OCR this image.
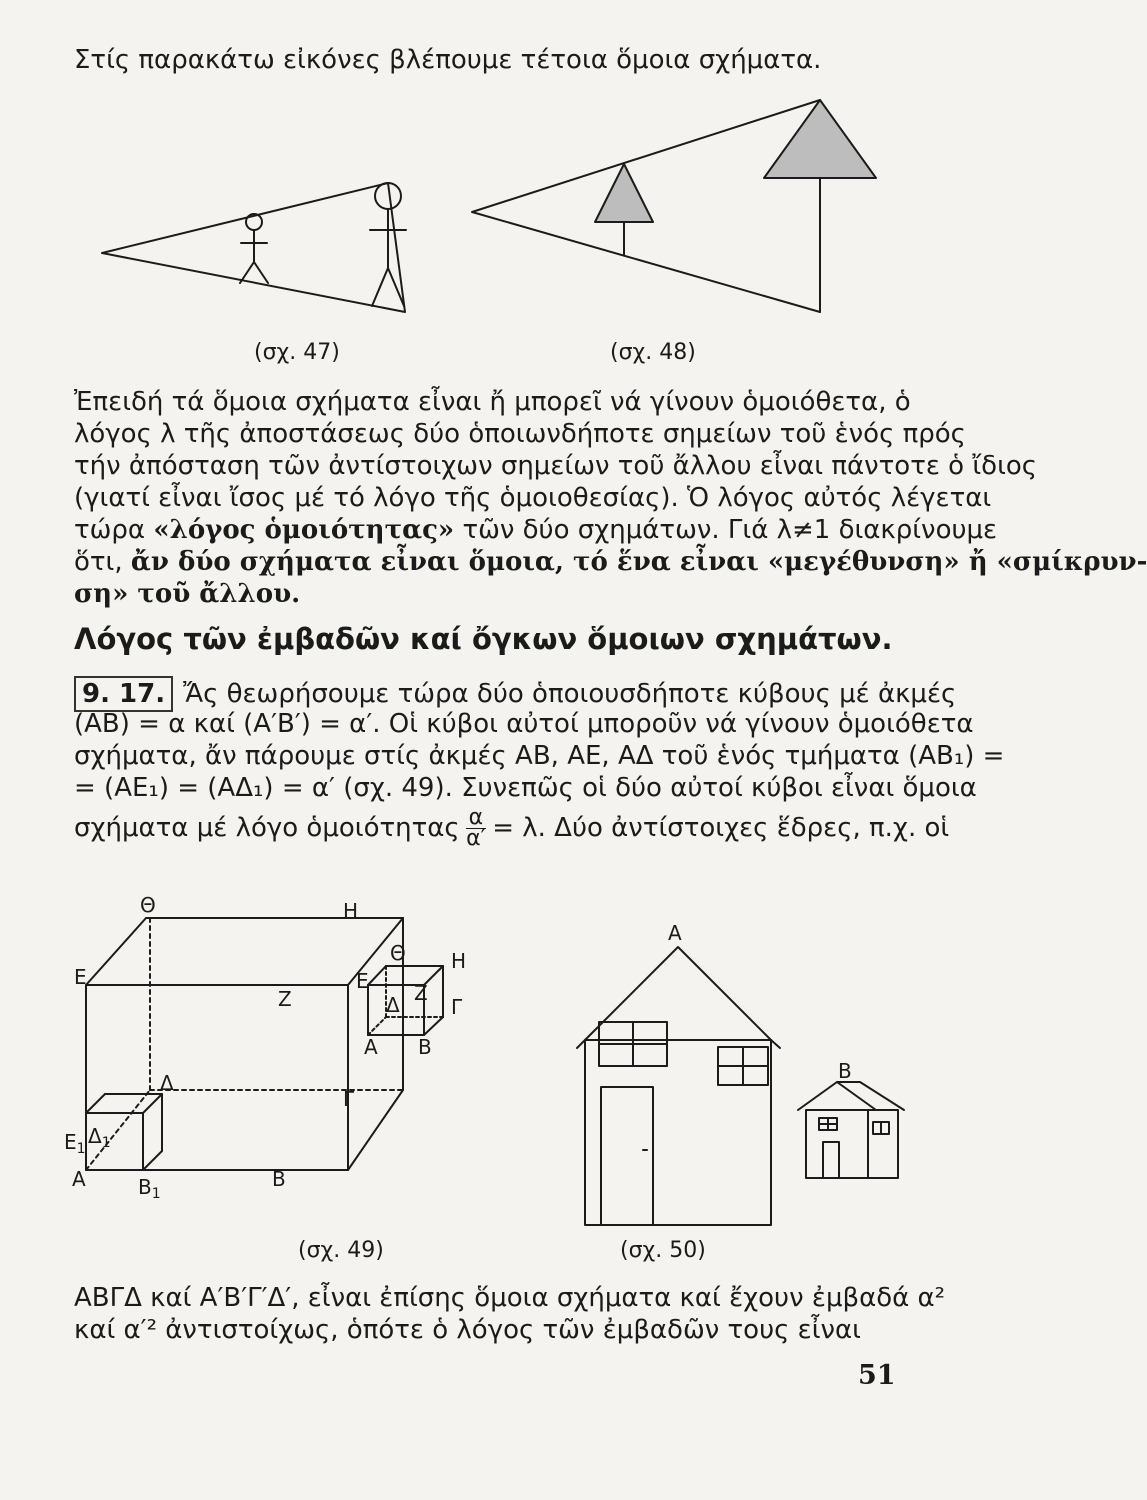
Στίς παρακάτω εἰκόνες βλέπουμε τέτοια ὅμοια σχήματα.
Θ	Η
Ε
Ζ
Δ
Γ
Α	Β
$E_1$
$\Delta_1$
$B_1$
Θ Η
Ε
Δ Ζ
Γ
Α Β
Α
Β
(σχ. 47)	(σχ. 48)
(σχ. 49)	(σχ. 50)
Ἐπειδή τά ὅμοια σχήματα εἶναι ἤ μπορεῖ νά γίνουν ὁμοιόθετα, ὁ
λόγος λ τῆς ἀποστάσεως δύο ὁποιωνδήποτε σημείων τοῦ ἑνός πρός
τήν ἀπόσταση τῶν ἀντίστοιχων σημείων τοῦ ἄλλου εἶναι πάντοτε ὁ ἴδιος
(γιατί εἶναι ἴσος μέ τό λόγο τῆς ὁμοιοθεσίας). Ὁ λόγος αὐτός λέγεται
τώρα «λόγος ὁμοιότητας» τῶν δύο σχημάτων. Γιά λ≠1 διακρίνουμε
ὅτι, ἄν δύο σχήματα εἶναι ὅμοια, τό ἕνα εἶναι «μεγέθυνση» ἤ «σμίκρυν-
ση» τοῦ ἄλλου.
Λόγος τῶν ἐμβαδῶν καί ὄγκων ὅμοιων σχημάτων.
9. 17. Ἄς θεωρήσουμε τώρα δύο ὁποιουσδήποτε κύβους μέ ἀκμές
(ΑΒ) = α καί (Α′Β′) = α′. Οἱ κύβοι αὐτοί μποροῦν νά γίνουν ὁμοιόθετα
σχήματα, ἄν πάρουμε στίς ἀκμές ΑΒ, ΑΕ, ΑΔ τοῦ ἑνός τμήματα (ΑΒ₁) =
= (ΑΕ₁) = (ΑΔ₁) = α′ (σχ. 49). Συνεπῶς οἱ δύο αὐτοί κύβοι εἶναι ὅμοια
σχήματα μέ λόγο ὁμοιότητας $\frac{\alpha}{\alpha'} = \lambda$. Δύο ἀντίστοιχες ἕδρες, π.χ. οἱ
ΑΒΓΔ καί Α′Β′Γ′Δ′, εἶναι ἐπίσης ὅμοια σχήματα καί ἔχουν ἐμβαδά α²
καί α′² ἀντιστοίχως, ὁπότε ὁ λόγος τῶν ἐμβαδῶν τους εἶναι
51
